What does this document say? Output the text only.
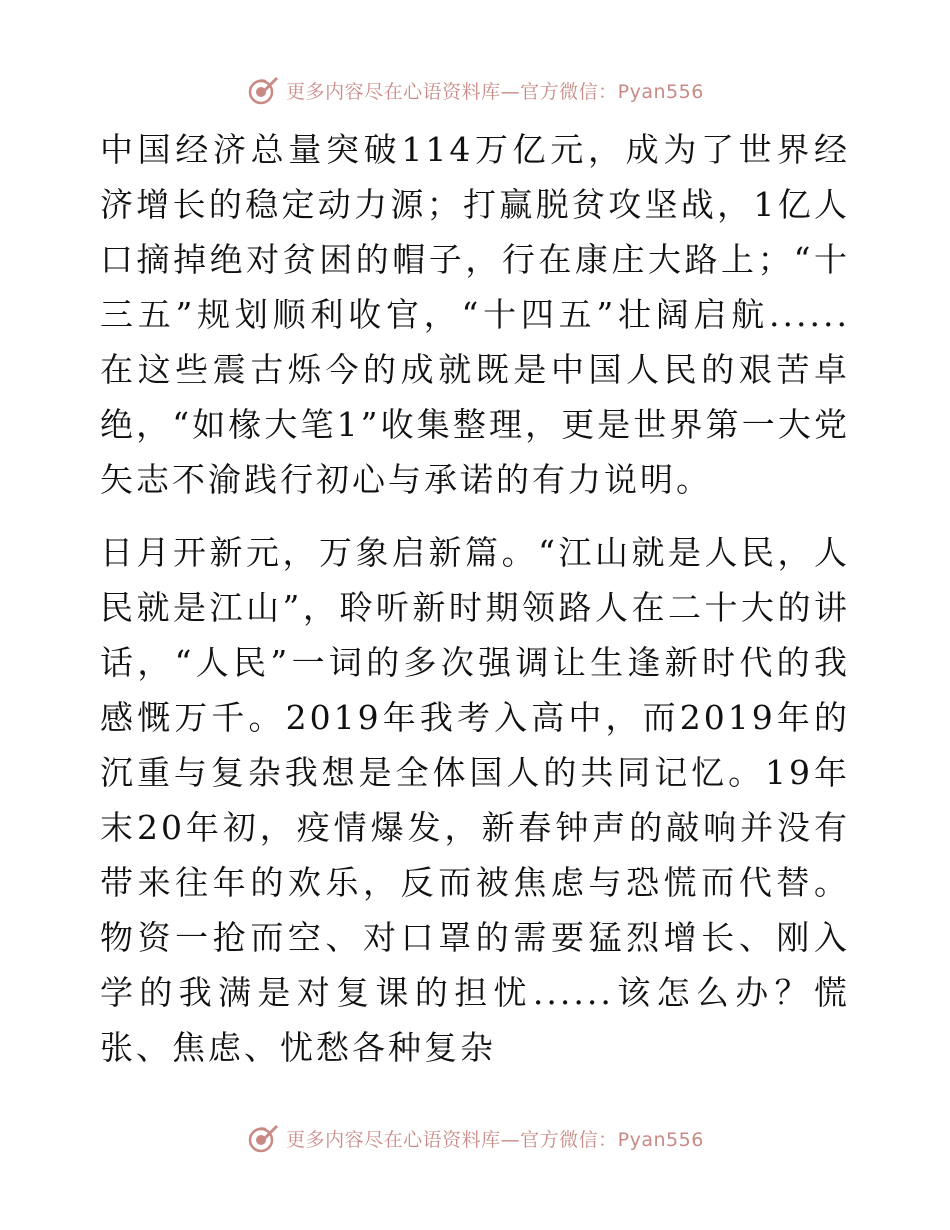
更多内容尽在心语资料库—官方微信：Pyan556

中国经济总量突破114万亿元，成为了世界经济增长的稳定动力源；打赢脱贫攻坚战，1亿人口摘掉绝对贫困的帽子，行在康庄大路上；“十三五”规划顺利收官，“十四五”壮阔启航......在这些震古烁今的成就既是中国人民的艰苦卓绝，“如椽大笔1”收集整理，更是世界第一大党矢志不渝践行初心与承诺的有力说明。

日月开新元，万象启新篇。“江山就是人民，人民就是江山”，聆听新时期领路人在二十大的讲话，“人民”一词的多次强调让生逢新时代的我感慨万千。2019年我考入高中，而2019年的沉重与复杂我想是全体国人的共同记忆。19年末20年初，疫情爆发，新春钟声的敲响并没有带来往年的欢乐，反而被焦虑与恐慌而代替。物资一抢而空、对口罩的需要猛烈增长、刚入学的我满是对复课的担忧......该怎么办？慌张、焦虑、忧愁各种复杂

更多内容尽在心语资料库—官方微信：Pyan556
